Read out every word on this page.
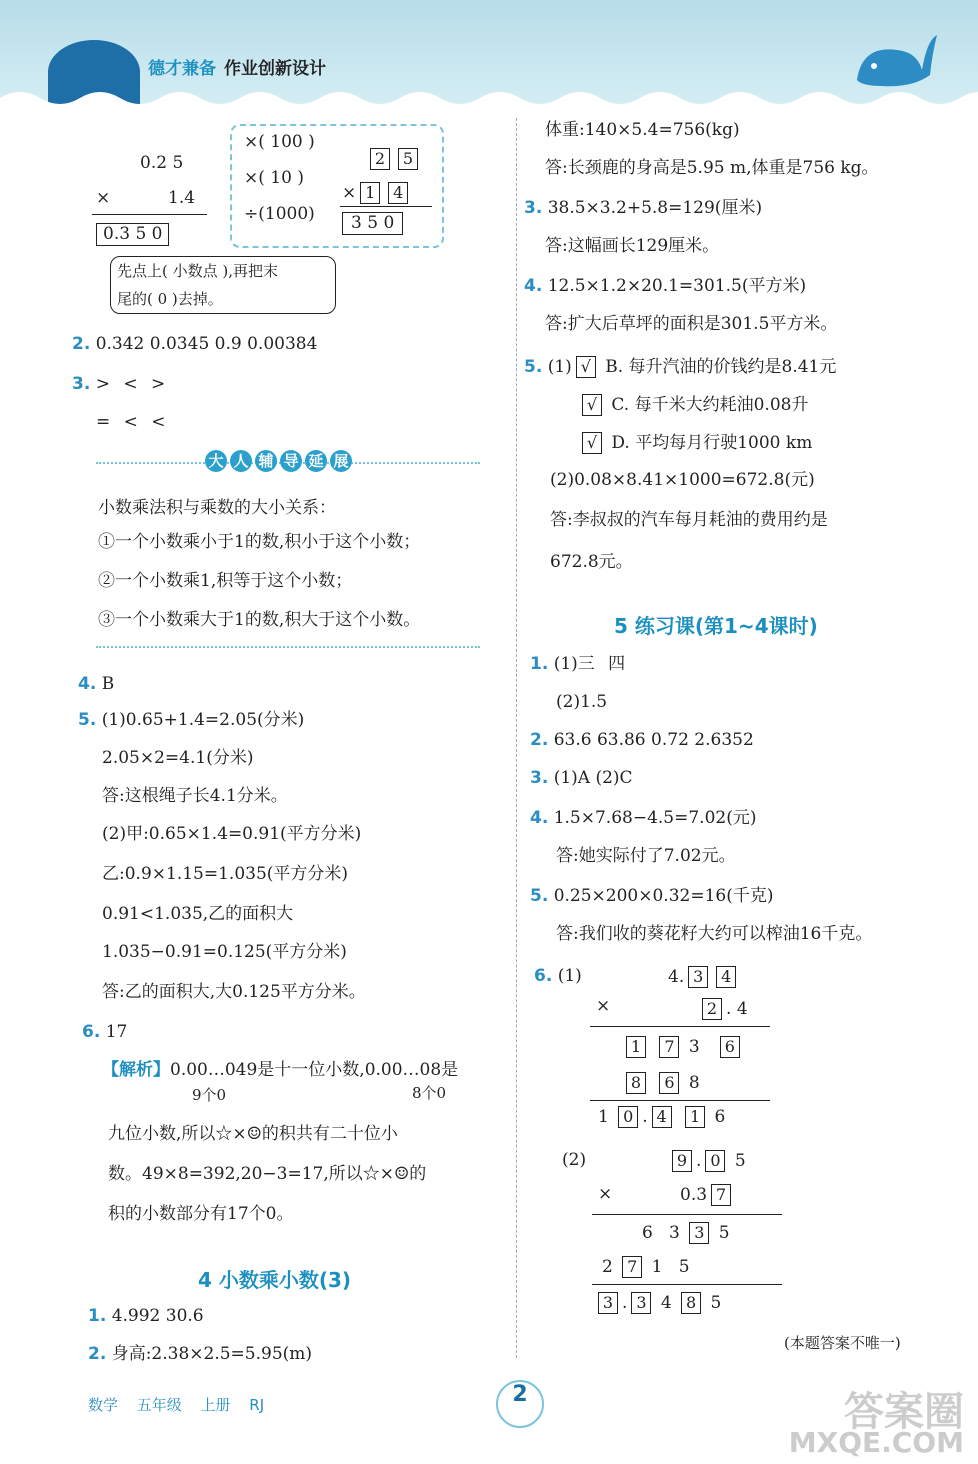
德才兼备 作业创新设计
0.2 5
×	1.4
0.3 5 0
×( 100 )
×( 10 )
÷(1000)
2 5
× 1 4
3 5 0
先点上( 小数点 ),再把末
尾的( 0 )去掉。
2. 0.342 0.0345 0.9 0.00384
3. > < >
= < <
大 人 辅 导 延 展
小数乘法积与乘数的大小关系：
①一个小数乘小于1的数,积小于这个小数；
②一个小数乘1,积等于这个小数；
③一个小数乘大于1的数,积大于这个小数。
4. B
5. (1)0.65+1.4=2.05(分米)
2.05×2=4.1(分米)
答:这根绳子长4.1分米。
(2)甲:0.65×1.4=0.91(平方分米)
乙:0.9×1.15=1.035(平方分米)
0.91<1.035,乙的面积大
1.035−0.91=0.125(平方分米)
答:乙的面积大,大0.125平方分米。
6. 17
【解析】0.00…049是十一位小数,0.00…08是
9个0	8个0
九位小数,所以☆×☺的积共有二十位小
数。49×8=392,20−3=17,所以☆×☺的
积的小数部分有17个0。
4 小数乘小数(3)
1. 4.992 30.6
2. 身高:2.38×2.5=5.95(m)
体重:140×5.4=756(kg)
答:长颈鹿的身高是5.95 m,体重是756 kg。
3. 38.5×3.2+5.8=129(厘米)
答:这幅画长129厘米。
4. 12.5×1.2×20.1=301.5(平方米)
答:扩大后草坪的面积是301.5平方米。
5. (1) √ B. 每升汽油的价钱约是8.41元
√ C. 每千米大约耗油0.08升
√ D. 平均每月行驶1000 km
(2)0.08×8.41×1000=672.8(元)
答:李叔叔的汽车每月耗油的费用约是
672.8元。
5 练习课(第1~4课时)
1. (1)三 四
(2)1.5
2. 63.6 63.86 0.72 2.6352
3. (1)A (2)C
4. 1.5×7.68−4.5=7.02(元)
答:她实际付了7.02元。
5. 0.25×200×0.32=16(千克)
答:我们收的葵花籽大约可以榨油16千克。
6. (1)	4. 3 4
×	2 . 4
1 7 3 6
8 6 8
1 0 . 4 1 6
(2)	9 . 0 5
×	0.3 7
6 3 3 5
2 7 1 5
3 . 3 4 8 5
(本题答案不唯一)
数学 五年级 上册 RJ	2	答案圈
MXQE.COM
